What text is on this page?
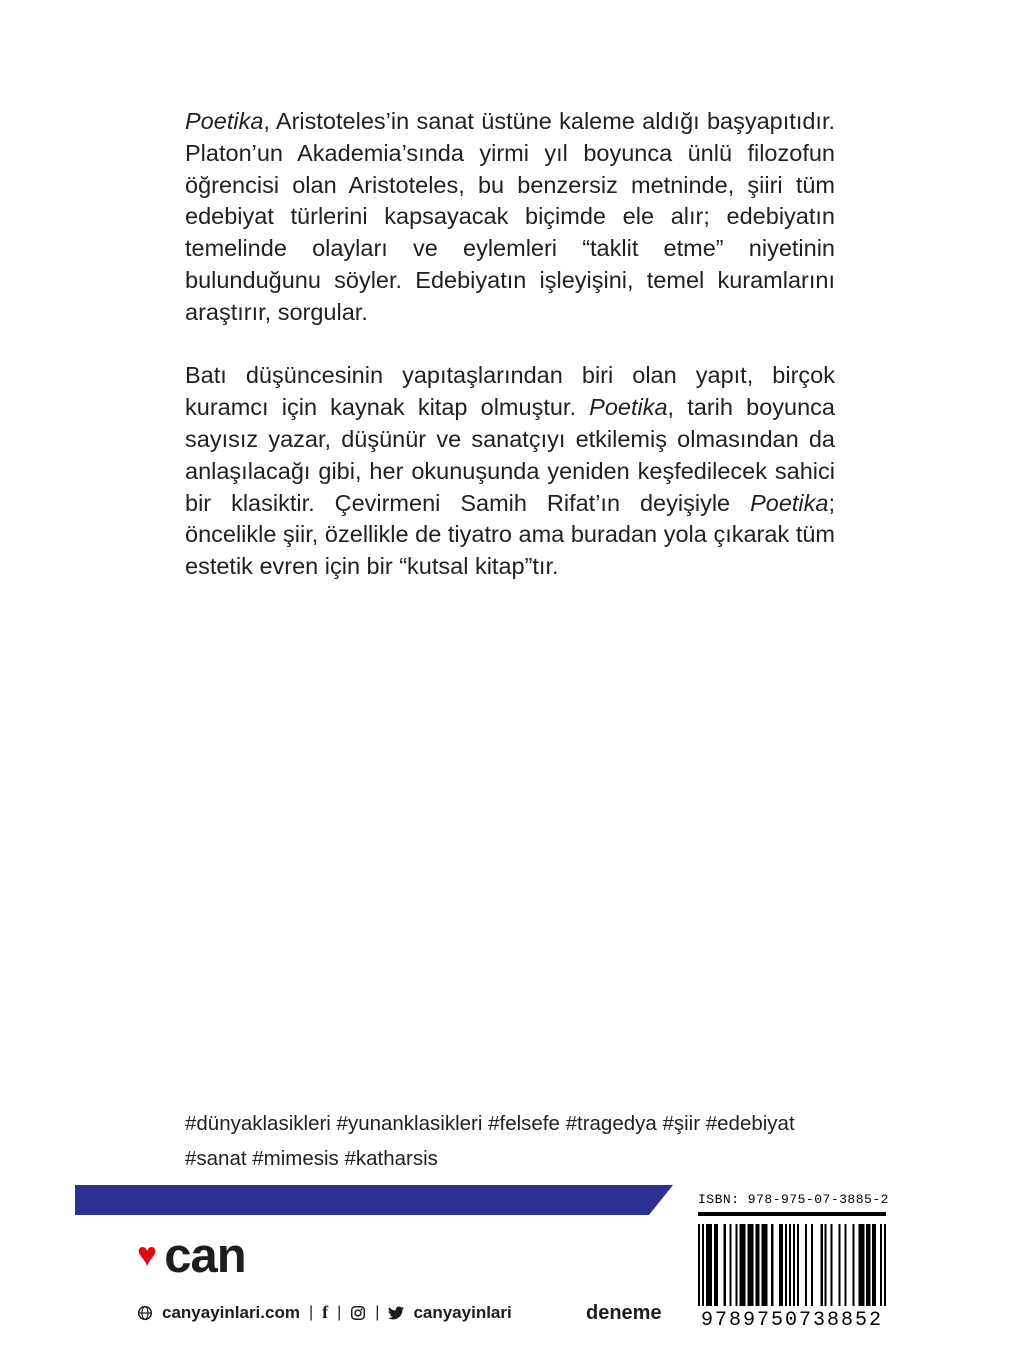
Poetika, Aristoteles’in sanat üstüne kaleme aldığı başyapıtıdır. Platon’un Akademia’sında yirmi yıl boyunca ünlü filozofun öğrencisi olan Aristoteles, bu benzersiz metninde, şiiri tüm edebiyat türlerini kapsayacak biçimde ele alır; edebiyatın temelinde olayları ve eylemleri “taklit etme” niyetinin bulunduğunu söyler. Edebiyatın işleyişini, temel kuramlarını araştırır, sorgular.

Batı düşüncesinin yapıtaşlarından biri olan yapıt, birçok kuramcı için kaynak kitap olmuştur. Poetika, tarih boyunca sayısız yazar, düşünür ve sanatçıyı etkilemiş olmasından da anlaşılacağı gibi, her okunuşunda yeniden keşfedilecek sahici bir klasiktir. Çevirmeni Samih Rifat’ın deyişiyle Poetika; öncelikle şiir, özellikle de tiyatro ama buradan yola çıkarak tüm estetik evren için bir “kutsal kitap”tır.

#dünyaklasikleri #yunanklasikleri #felsefe #tragedya #şiir #edebiyat
#sanat #mimesis #katharsis
♥ can
canyayinlari.com | f | | canyayinlari	deneme
ISBN: 978-975-07-3885-2
9789750738852
